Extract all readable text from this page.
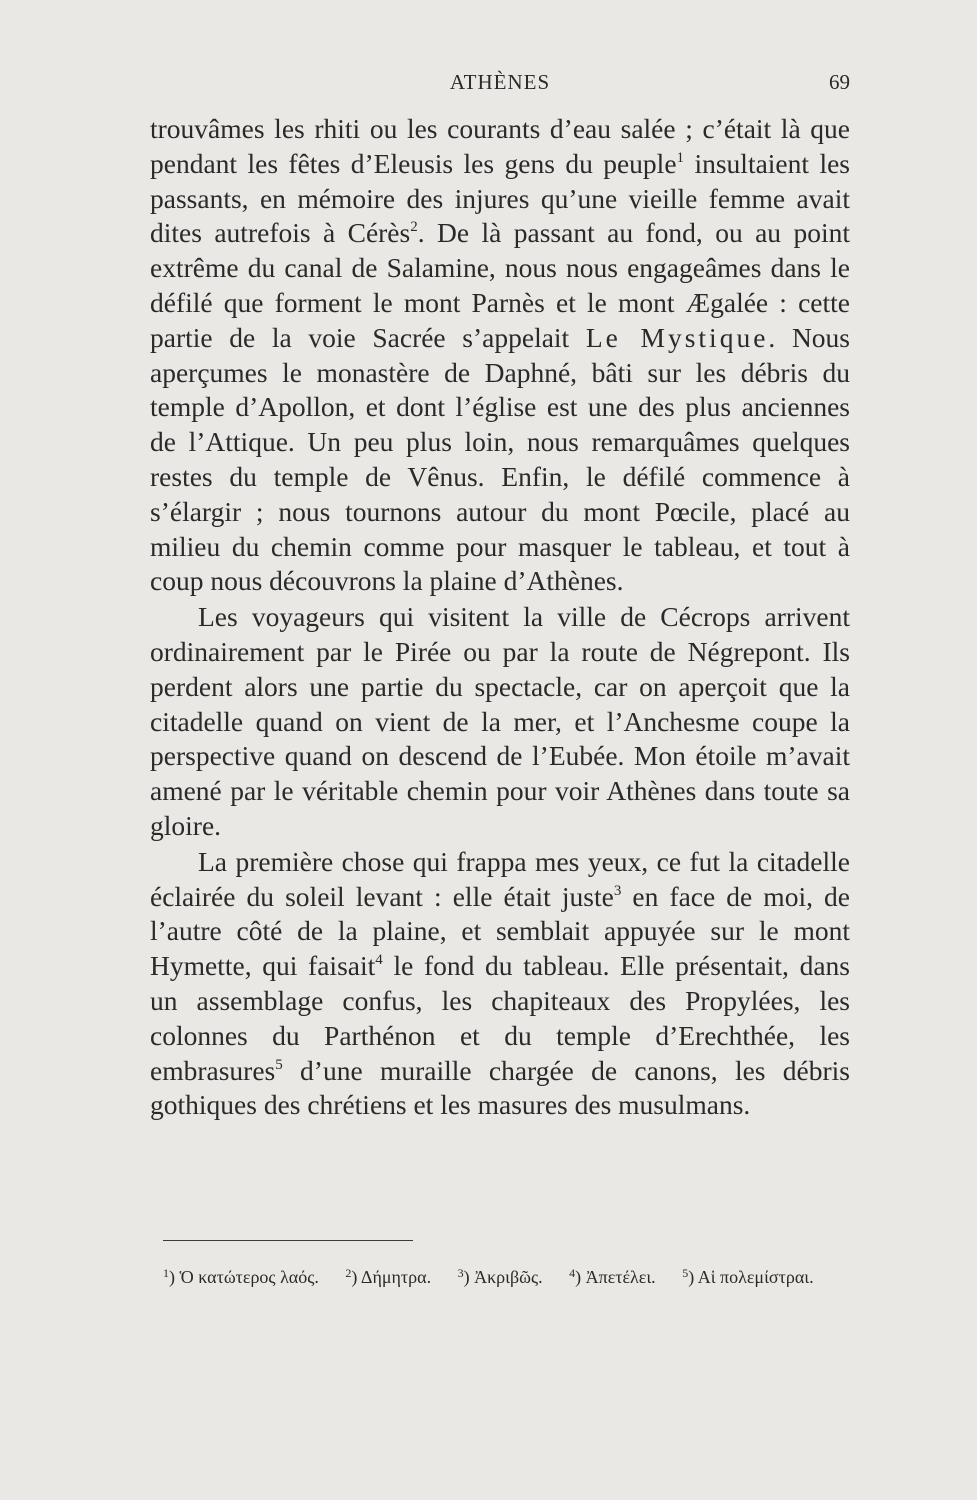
ATHÈNES	69

trouvâmes les rhiti ou les courants d’eau salée ; c’était là que pendant les fêtes d’Eleusis les gens du peuple$^1$ insultaient les passants, en mémoire des injures qu’une vieille femme avait dites autrefois à Cérès$^2$. De là passant au fond, ou au point extrême du canal de Salamine, nous nous engageâmes dans le défilé que forment le mont Parnès et le mont Ægalée : cette partie de la voie Sacrée s’appelait Le Mystique. Nous aperçumes le monastère de Daphné, bâti sur les débris du temple d’Apollon, et dont l’église est une des plus anciennes de l’Attique. Un peu plus loin, nous remarquâmes quelques restes du temple de Vênus. Enfin, le défilé commence à s’élargir ; nous tournons autour du mont Pœcile, placé au milieu du chemin comme pour masquer le tableau, et tout à coup nous découvrons la plaine d’Athènes.

Les voyageurs qui visitent la ville de Cécrops arrivent ordinairement par le Pirée ou par la route de Négrepont. Ils perdent alors une partie du spectacle, car on aperçoit que la citadelle quand on vient de la mer, et l’Anchesme coupe la perspective quand on descend de l’Eubée. Mon étoile m’avait amené par le véritable chemin pour voir Athènes dans toute sa gloire.

La première chose qui frappa mes yeux, ce fut la citadelle éclairée du soleil levant : elle était juste$^3$ en face de moi, de l’autre côté de la plaine, et semblait appuyée sur le mont Hymette, qui faisait$^4$ le fond du tableau. Elle présentait, dans un assemblage confus, les chapiteaux des Propylées, les colonnes du Parthénon et du temple d’Erechthée, les embrasures$^5$ d’une muraille chargée de canons, les débris gothiques des chrétiens et les masures des musulmans.

$^1$) Ὁ κατώτερος λαός. $^2$) Δήμητρα. $^3$) Ἀκριβῶς. $^4$) Ἀπετέλει. $^5$) Αἱ πολεμίστραι.
